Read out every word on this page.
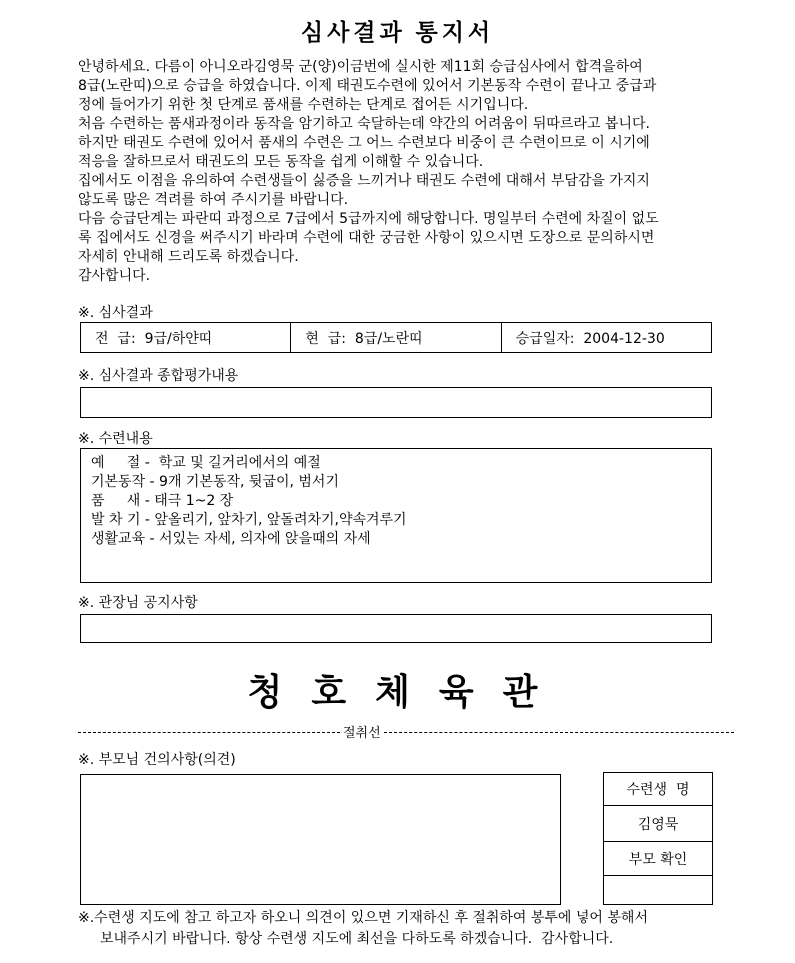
심사결과 통지서
안녕하세요. 다름이 아니오라김영묵 군(양)이금번에 실시한 제11회 승급심사에서 합격을하여
8급(노란띠)으로 승급을 하였습니다. 이제 태권도수련에 있어서 기본동작 수련이 끝나고 중급과
정에 들어가기 위한 첫 단계로 품새를 수련하는 단계로 접어든 시기입니다.
처음 수련하는 품새과정이라 동작을 암기하고 숙달하는데 약간의 어려움이 뒤따르라고 봅니다.
하지만 태권도 수련에 있어서 품새의 수련은 그 어느 수련보다 비중이 큰 수련이므로 이 시기에
적응을 잘하므로서 태권도의 모든 동작을 쉽게 이해할 수 있습니다.
집에서도 이점을 유의하여 수련생들이 싫증을 느끼거나 태권도 수련에 대해서 부담감을 가지지
않도록 많은 격려를 하여 주시기를 바랍니다.
다음 승급단계는 파란띠 과정으로 7급에서 5급까지에 해당합니다. 명일부터 수련에 차질이 없도
록 집에서도 신경을 써주시기 바라며 수련에 대한 궁금한 사항이 있으시면 도장으로 문의하시면
자세히 안내해 드리도록 하겠습니다.
감사합니다.
※. 심사결과
전  급:  9급/하얀띠	현  급:  8급/노란띠	승급일자:  2004-12-30
※. 심사결과 종합평가내용
※. 수련내용
예     절 -  학교 및 길거리에서의 예절
기본동작 - 9개 기본동작, 뒷굽이, 범서기
품     새 - 태극 1~2 장
발 차 기 - 앞올리기, 앞차기, 앞돌려차기,약속겨루기
생활교육 - 서있는 자세, 의자에 앉을때의 자세
※. 관장님 공지사항
청 호 체 육 관
절취선
※. 부모님 건의사항(의견)
수련생  명
김영묵
부모 확인
※.수련생 지도에 참고 하고자 하오니 의견이 있으면 기재하신 후 절취하여 봉투에 넣어 봉해서
보내주시기 바랍니다. 항상 수련생 지도에 최선을 다하도록 하겠습니다.  감사합니다.
